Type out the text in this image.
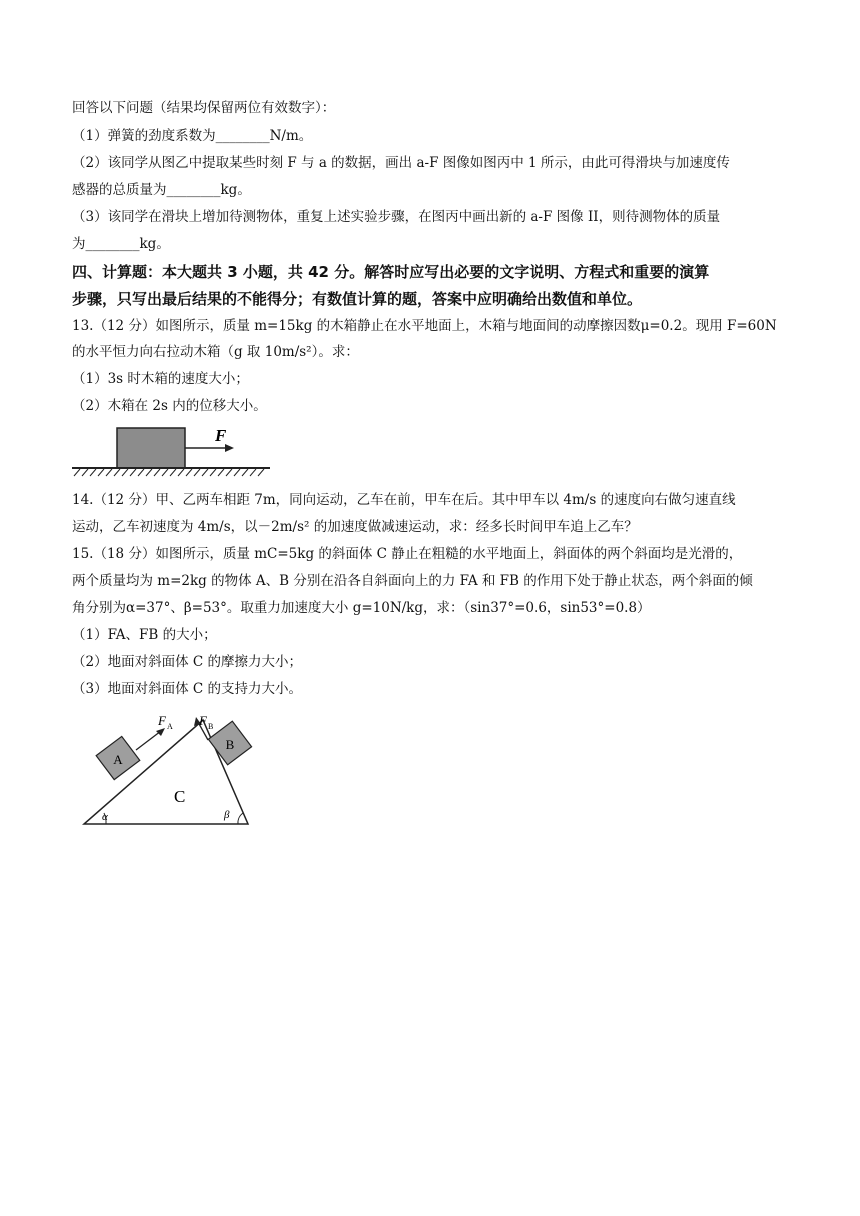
回答以下问题（结果均保留两位有效数字）：
（1）弹簧的劲度系数为________N/m。
（2）该同学从图乙中提取某些时刻 F 与 a 的数据，画出 a-F 图像如图丙中 1 所示，由此可得滑块与加速度传
感器的总质量为________kg。
（3）该同学在滑块上增加待测物体，重复上述实验步骤，在图丙中画出新的 a-F 图像 II，则待测物体的质量
为________kg。
四、计算题：本大题共 3 小题，共 42 分。解答时应写出必要的文字说明、方程式和重要的演算
步骤，只写出最后结果的不能得分；有数值计算的题，答案中应明确给出数值和单位。
13.（12 分）如图所示，质量 m=15kg 的木箱静止在水平地面上，木箱与地面间的动摩擦因数μ=0.2。现用 F=60N
的水平恒力向右拉动木箱（g 取 10m/s²）。求：
（1）3s 时木箱的速度大小；
（2）木箱在 2s 内的位移大小。
F
14.（12 分）甲、乙两车相距 7m，同向运动，乙车在前，甲车在后。其中甲车以 4m/s 的速度向右做匀速直线
运动，乙车初速度为 4m/s，以－2m/s² 的加速度做减速运动，求：经多长时间甲车追上乙车？
15.（18 分）如图所示，质量 mC=5kg 的斜面体 C 静止在粗糙的水平地面上，斜面体的两个斜面均是光滑的，
两个质量均为 m=2kg 的物体 A、B 分别在沿各自斜面向上的力 FA 和 FB 的作用下处于静止状态，两个斜面的倾
角分别为α=37°、β=53°。取重力加速度大小 g=10N/kg，求：（sin37°=0.6，sin53°=0.8）
（1）FA、FB 的大小；
（2）地面对斜面体 C 的摩擦力大小；
（3）地面对斜面体 C 的支持力大小。
A
F A
B
F B
C
α	β
